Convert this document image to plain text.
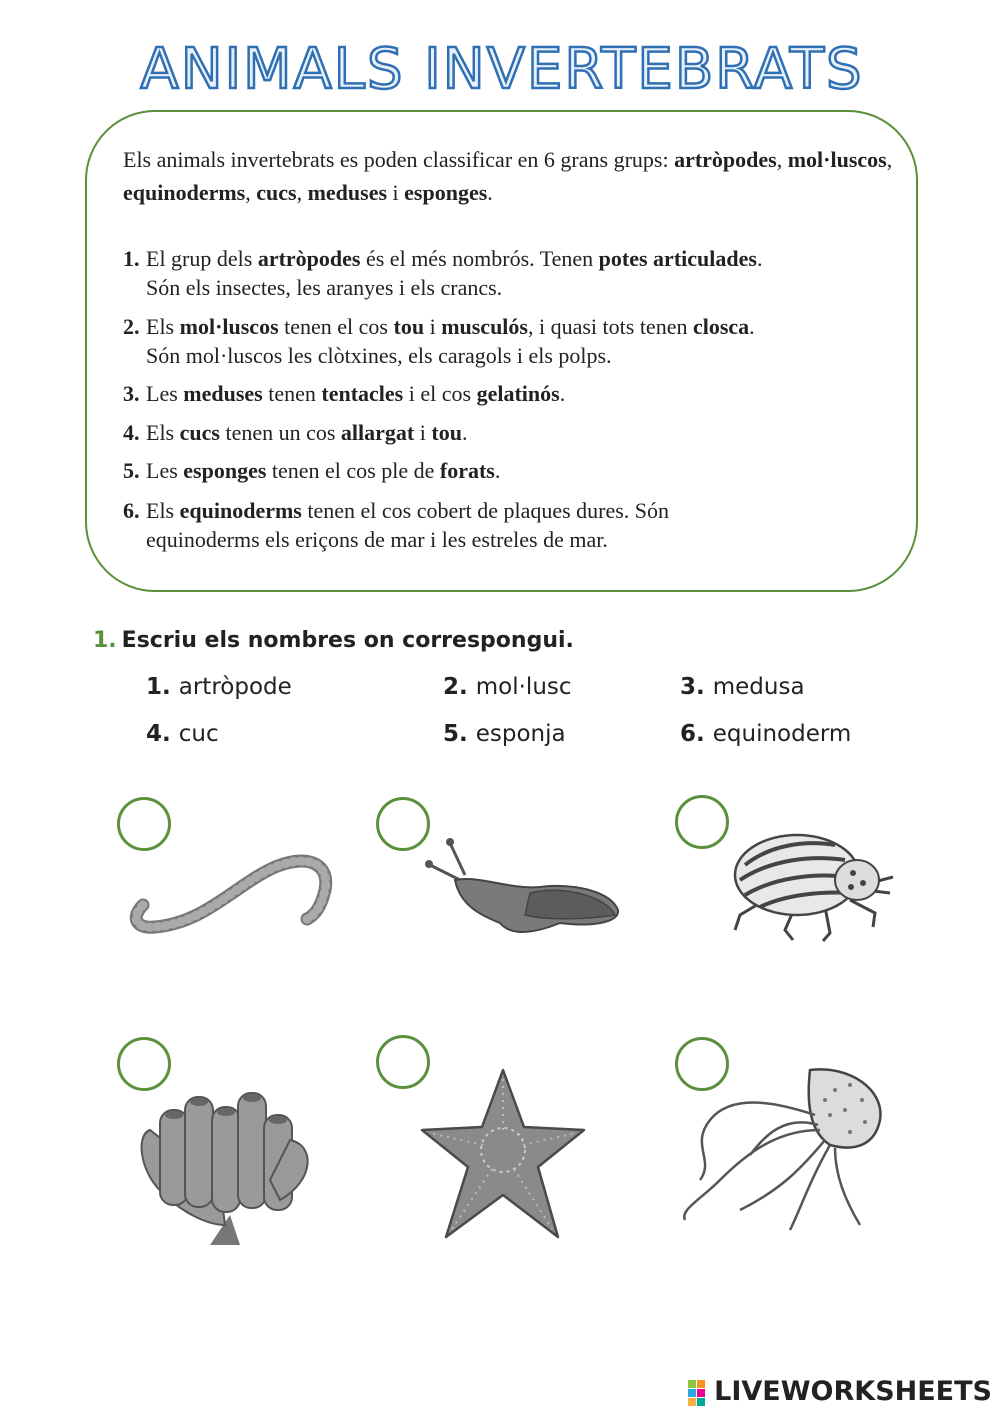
ANIMALS INVERTEBRATS

Els animals invertebrats es poden classificar en 6 grans grups: artròpodes, mol·luscos, equinoderms, cucs, meduses i esponges.

1. El grup dels artròpodes és el més nombrós. Tenen potes articulades.
Són els insectes, les aranyes i els crancs.
2. Els mol·luscos tenen el cos tou i musculós, i quasi tots tenen closca.
Són mol·luscos les clòtxines, els caragols i els polps.
3. Les meduses tenen tentacles i el cos gelatinós.
4. Els cucs tenen un cos allargat i tou.
5. Les esponges tenen el cos ple de forats.
6. Els equinoderms tenen el cos cobert de plaques dures. Són
equinoderms els eriçons de mar i les estreles de mar.
1. Escriu els nombres on correspongui.
1. artròpode	2. mol·lusc	3. medusa
4. cuc	5. esponja	6. equinoderm
LIVEWORKSHEETS
